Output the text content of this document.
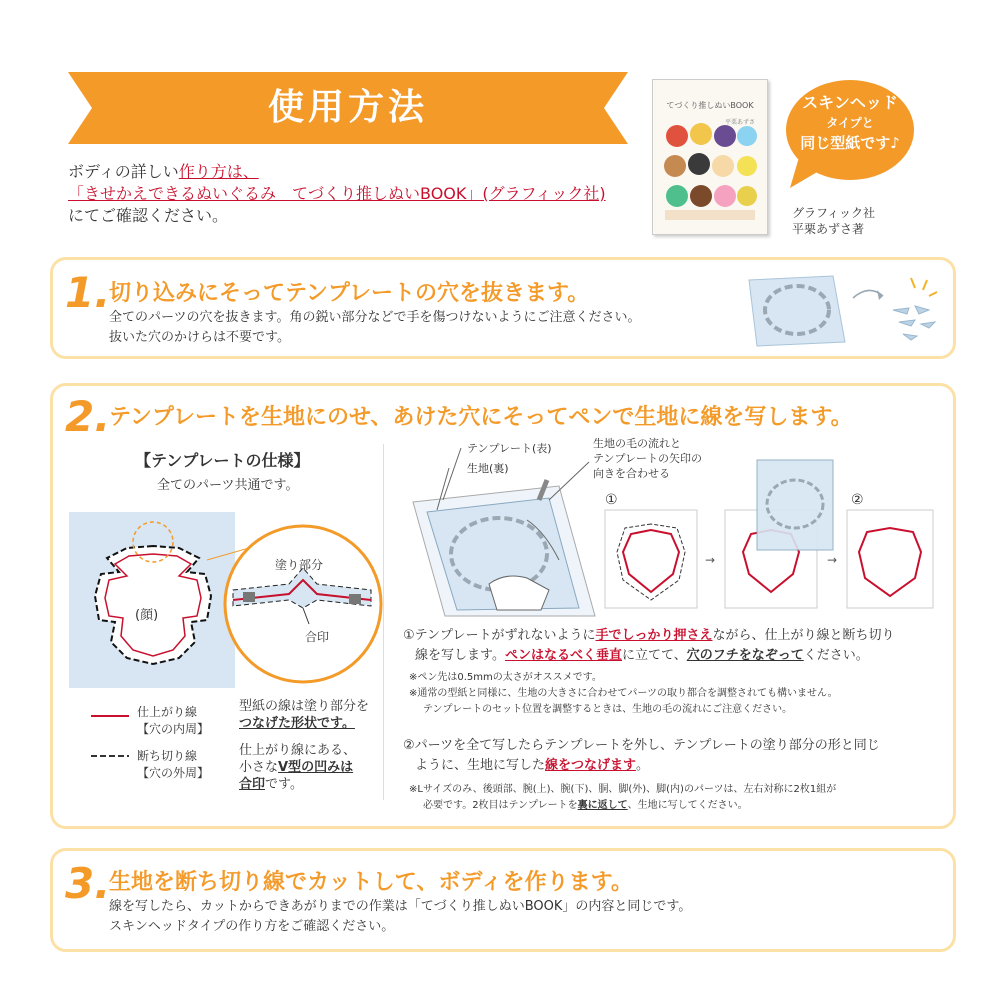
使用方法
ボディの詳しい作り方は、
「きせかえできるぬいぐるみ　てづくり推しぬいBOOK」(グラフィック社)
にてご確認ください。
てづくり推しぬいBOOK
平栗あずさ
スキンヘッド
タイプと
同じ型紙です♪
グラフィック社
平栗あずさ著
1.
切り込みにそってテンプレートの穴を抜きます。
全てのパーツの穴を抜きます。角の鋭い部分などで手を傷つけないようにご注意ください。
抜いた穴のかけらは不要です。
2.
テンプレートを生地にのせ、あけた穴にそってペンで生地に線を写します。
【テンプレートの仕様】
全てのパーツ共通です。
(顔)
塗り部分
合印
仕上がり線
【穴の内周】
断ち切り線
【穴の外周】
型紙の線は塗り部分を
つなげた形状です。
仕上がり線にある、
小さなV型の凹みは
合印です。
→	→
テンプレート(表)
生地(裏)
生地の毛の流れと
テンプレートの矢印の
向きを合わせる
①	②
①テンプレートがずれないように手でしっかり押さえながら、仕上がり線と断ち切り
線を写します。ペンはなるべく垂直に立てて、穴のフチをなぞってください。
※ペン先は0.5mmの太さがオススメです。
※通常の型紙と同様に、生地の大きさに合わせてパーツの取り都合を調整されても構いません。
テンプレートのセット位置を調整するときは、生地の毛の流れにご注意ください。
②パーツを全て写したらテンプレートを外し、テンプレートの塗り部分の形と同じ
ように、生地に写した線をつなげます。
※Lサイズのみ、後頭部、腕(上)、腕(下)、胴、脚(外)、脚(内)のパーツは、左右対称に2枚1組が
必要です。2枚目はテンプレートを裏に返して、生地に写してください。
3.
生地を断ち切り線でカットして、ボディを作ります。
線を写したら、カットからできあがりまでの作業は「てづくり推しぬいBOOK」の内容と同じです。
スキンヘッドタイプの作り方をご確認ください。
